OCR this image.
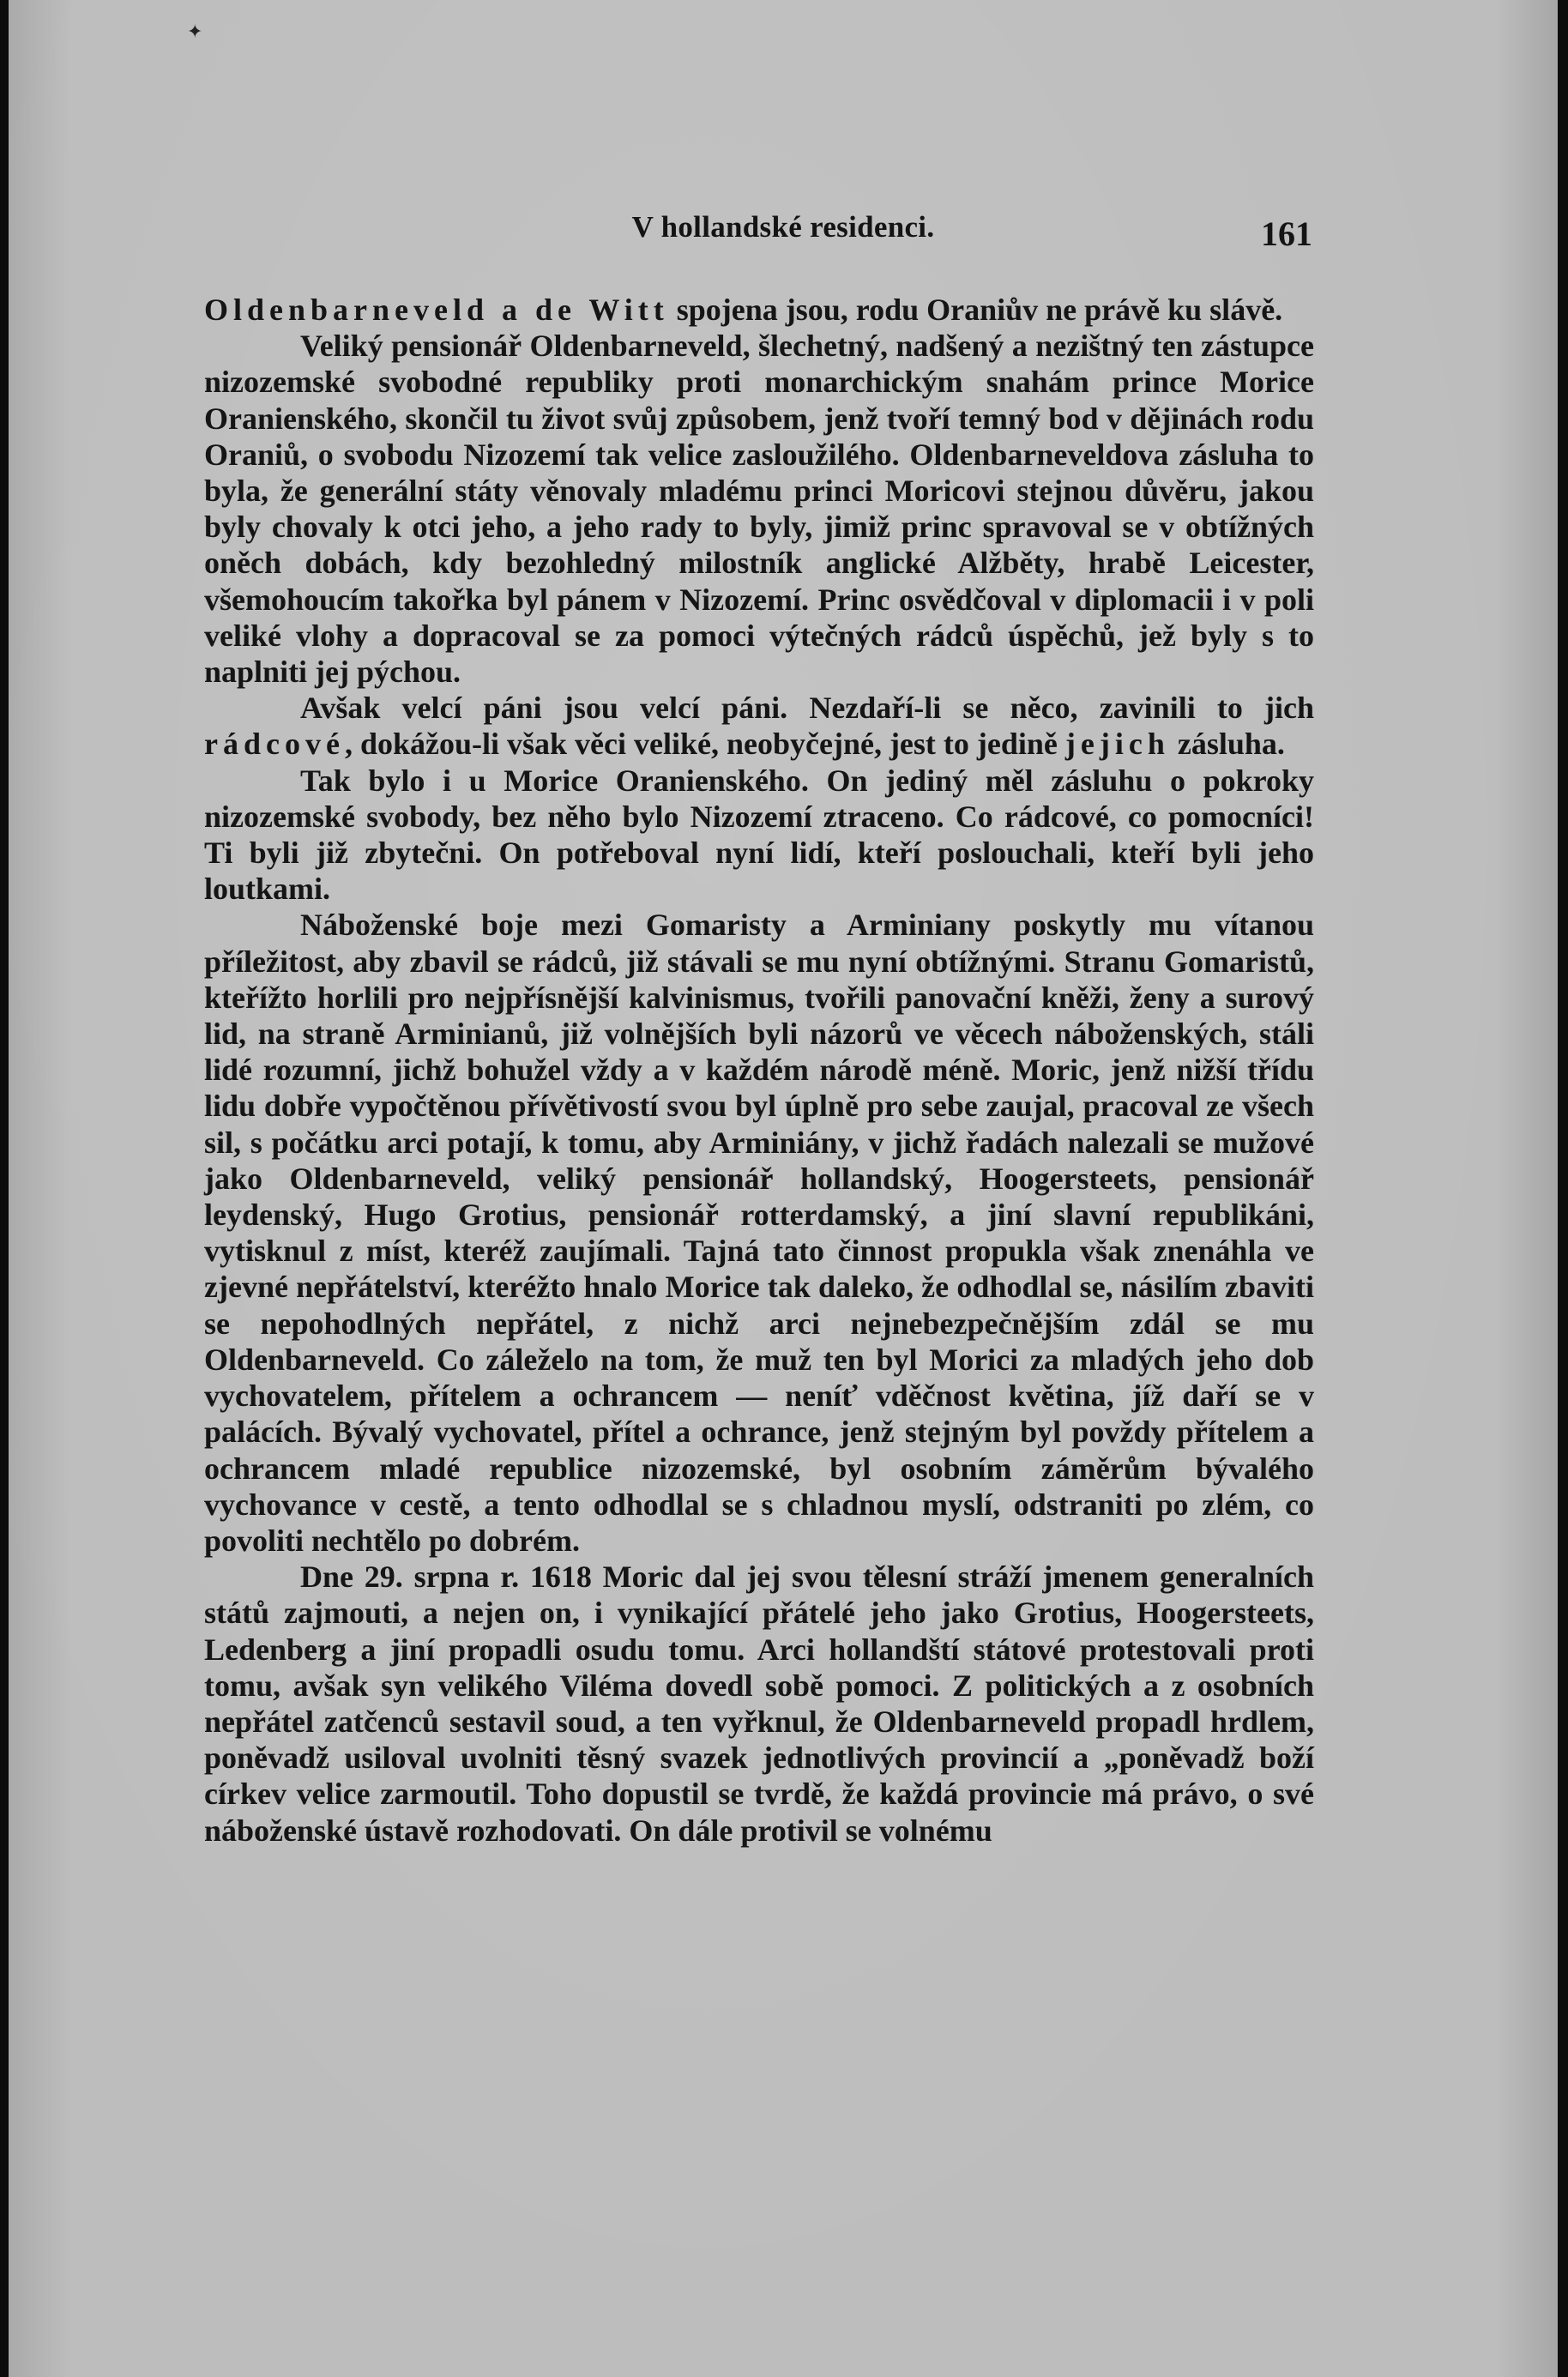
✦
V hollandské residenci.	161

Oldenbarneveld a de Witt spojena jsou, rodu Oraniův ne právě ku slávě.

Veliký pensionář Oldenbarneveld, šlechetný, nadšený a nezištný ten zástupce nizozemské svobodné republiky proti monarchickým snahám prince Morice Oranienského, skončil tu život svůj způsobem, jenž tvoří temný bod v dějinách rodu Oraniů, o svobodu Nizozemí tak velice zasloužilého. Oldenbarneveldova zásluha to byla, že generální státy věnovaly mladému princi Moricovi stejnou důvěru, jakou byly chovaly k otci jeho, a jeho rady to byly, jimiž princ spravoval se v obtížných oněch dobách, kdy bezohledný milostník anglické Alžběty, hrabě Leicester, všemohoucím takořka byl pánem v Nizozemí. Princ osvědčoval v diplomacii i v poli veliké vlohy a dopracoval se za pomoci výtečných rádců úspěchů, jež byly s to naplniti jej pýchou.

Avšak velcí páni jsou velcí páni. Nezdaří-li se něco, zavinili to jich rádcové, dokážou-li však věci veliké, neobyčejné, jest to jedině jejich zásluha.

Tak bylo i u Morice Oranienského. On jediný měl zásluhu o pokroky nizozemské svobody, bez něho bylo Nizozemí ztraceno. Co rádcové, co pomocníci! Ti byli již zbytečni. On potřeboval nyní lidí, kteří poslouchali, kteří byli jeho loutkami.

Náboženské boje mezi Gomaristy a Arminiany poskytly mu vítanou příležitost, aby zbavil se rádců, již stávali se mu nyní obtížnými. Stranu Gomaristů, kteřížto horlili pro nejpřísnější kalvinismus, tvořili panovační kněži, ženy a surový lid, na straně Arminianů, již volnějších byli názorů ve věcech náboženských, stáli lidé rozumní, jichž bohužel vždy a v každém národě méně. Moric, jenž nižší třídu lidu dobře vypočtěnou přívětivostí svou byl úplně pro sebe zaujal, pracoval ze všech sil, s počátku arci potají, k tomu, aby Arminiány, v jichž řadách nalezali se mužové jako Oldenbarneveld, veliký pensionář hollandský, Hoogersteets, pensionář leydenský, Hugo Grotius, pensionář rotterdamský, a jiní slavní republikáni, vytisknul z míst, kteréž zaujímali. Tajná tato činnost propukla však znenáhla ve zjevné nepřátelství, kteréžto hnalo Morice tak daleko, že odhodlal se, násilím zbaviti se nepohodlných nepřátel, z nichž arci nejnebezpečnějším zdál se mu Oldenbarneveld. Co záleželo na tom, že muž ten byl Morici za mladých jeho dob vychovatelem, přítelem a ochrancem — neníť vděčnost květina, jíž daří se v palácích. Bývalý vychovatel, přítel a ochrance, jenž stejným byl povždy přítelem a ochrancem mladé republice nizozemské, byl osobním záměrům bývalého vychovance v cestě, a tento odhodlal se s chladnou myslí, odstraniti po zlém, co povoliti nechtělo po dobrém.

Dne 29. srpna r. 1618 Moric dal jej svou tělesní stráží jmenem generalních států zajmouti, a nejen on, i vynikající přátelé jeho jako Grotius, Hoogersteets, Ledenberg a jiní propadli osudu tomu. Arci hollandští státové protestovali proti tomu, avšak syn velikého Viléma dovedl sobě pomoci. Z politických a z osobních nepřátel zatčenců sestavil soud, a ten vyřknul, že Oldenbarneveld propadl hrdlem, poněvadž usiloval uvolniti těsný svazek jednotlivých provincií a „poněvadž boží církev velice zarmoutil. Toho dopustil se tvrdě, že každá provincie má právo, o své náboženské ústavě rozhodovati. On dále protivil se volnému
